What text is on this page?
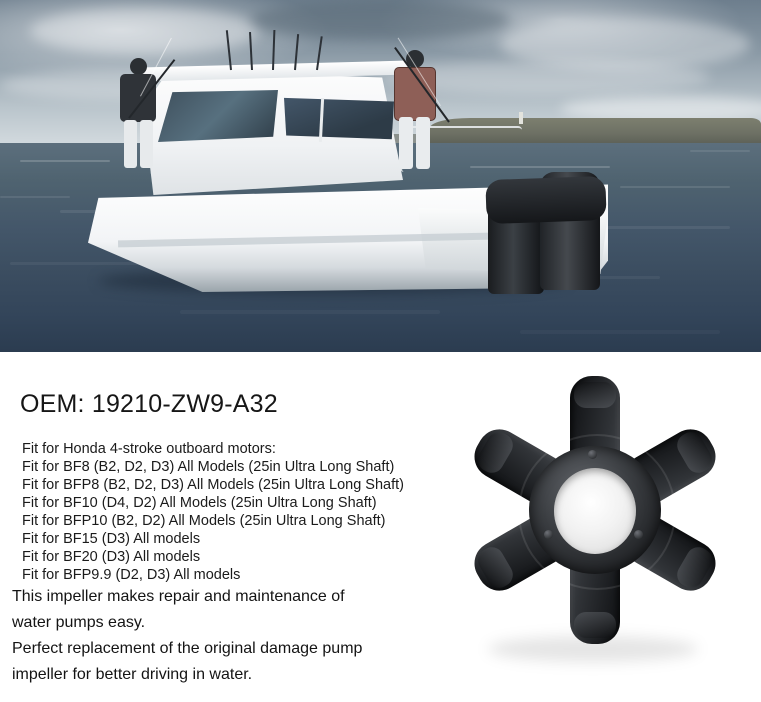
OEM: 19210-ZW9-A32
Fit for Honda 4-stroke outboard motors:
Fit for BF8 (B2, D2, D3) All Models (25in Ultra Long Shaft)
Fit for BFP8 (B2, D2, D3) All Models (25in Ultra Long Shaft)
Fit for BF10 (D4, D2) All Models (25in Ultra Long Shaft)
Fit for BFP10 (B2, D2) All Models (25in Ultra Long Shaft)
Fit for BF15 (D3) All models
Fit for BF20 (D3) All models
Fit for BFP9.9 (D2, D3) All models
This impeller makes repair and maintenance of
water pumps easy.
Perfect replacement of the original damage pump
impeller for better driving in water.
